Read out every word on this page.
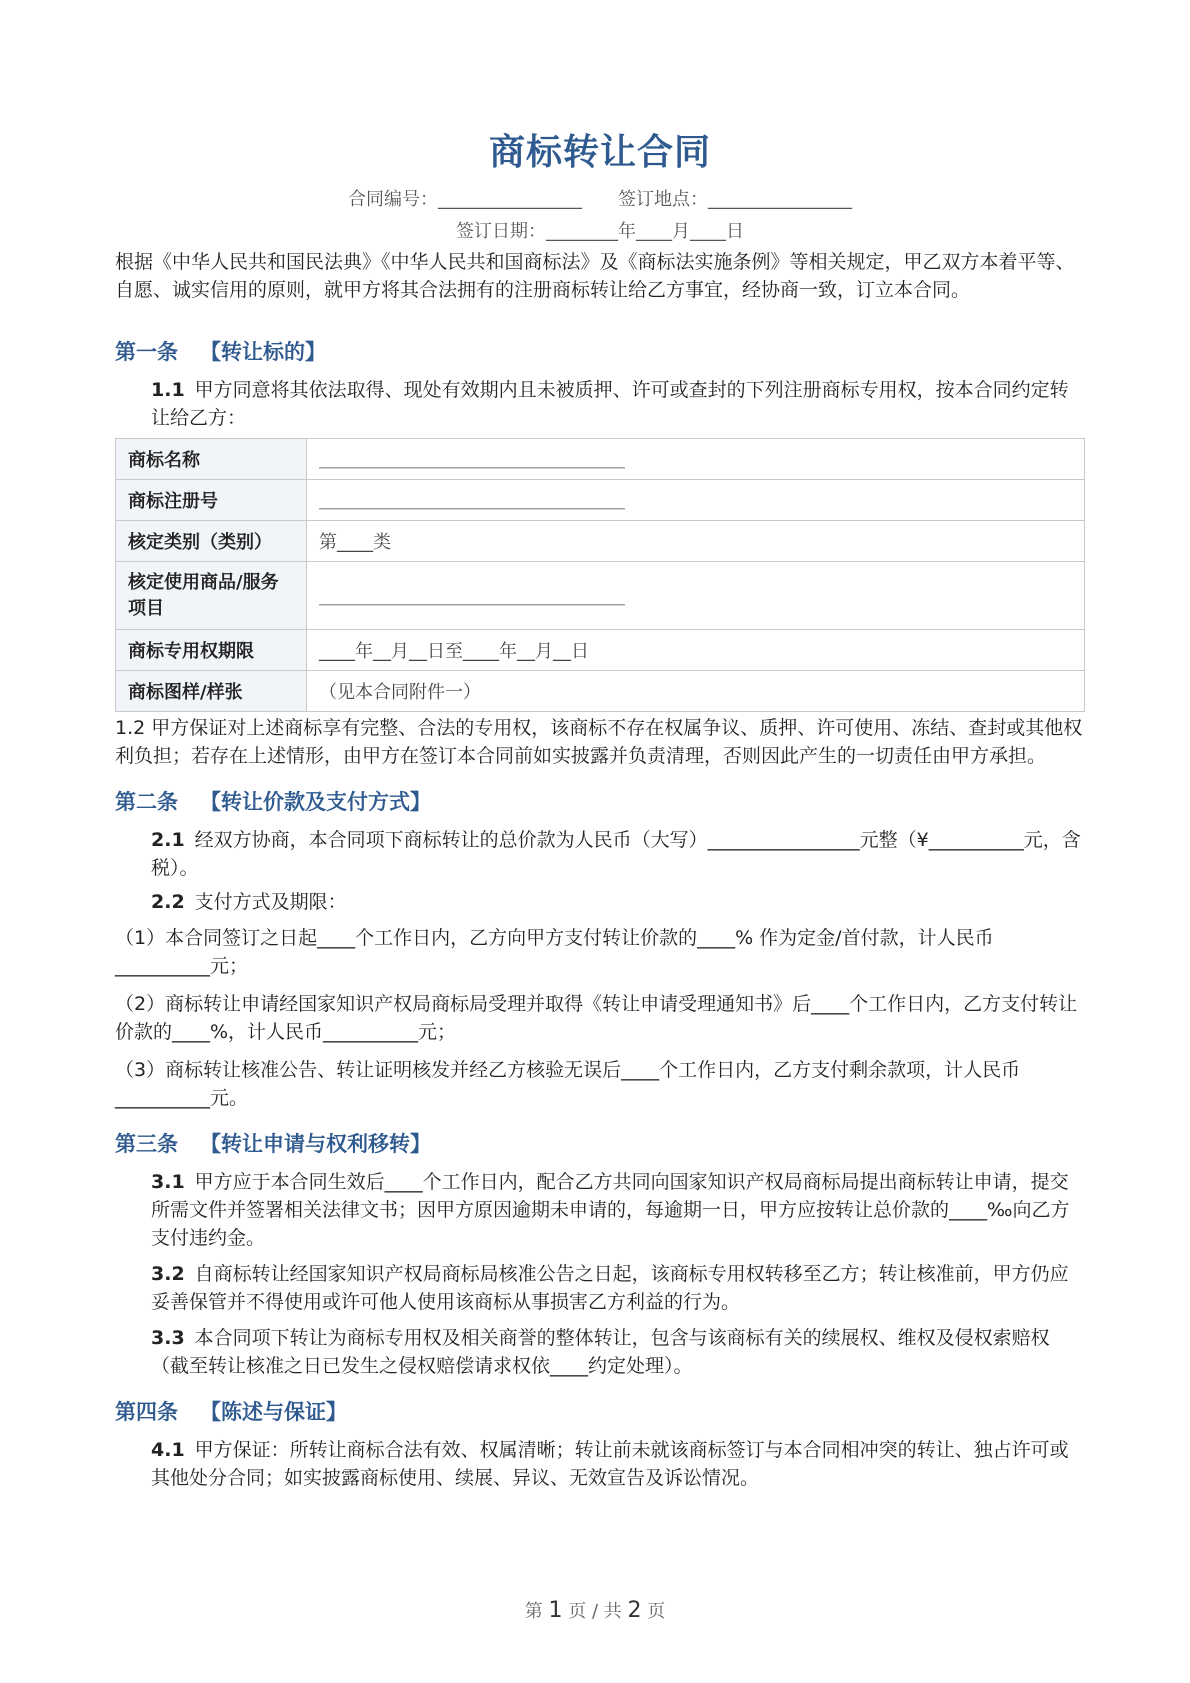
商标转让合同
合同编号：________________ 签订地点：________________
签订日期：________年____月____日

根据《中华人民共和国民法典》《中华人民共和国商标法》及《商标法实施条例》等相关规定，甲乙双方本着平等、自愿、诚实信用的原则，就甲方将其合法拥有的注册商标转让给乙方事宜，经协商一致，订立本合同。

第一条 【转让标的】

1.1 甲方同意将其依法取得、现处有效期内且未被质押、许可或查封的下列注册商标专用权，按本合同约定转让给乙方：

商标名称	＿＿＿＿＿＿＿＿＿＿＿＿＿＿＿＿＿
商标注册号	＿＿＿＿＿＿＿＿＿＿＿＿＿＿＿＿＿
核定类别（类别）	第____类
核定使用商品/服务项目	＿＿＿＿＿＿＿＿＿＿＿＿＿＿＿＿＿
商标专用权期限	____年__月__日至____年__月__日
商标图样/样张	（见本合同附件一）

1.2 甲方保证对上述商标享有完整、合法的专用权，该商标不存在权属争议、质押、许可使用、冻结、查封或其他权利负担；若存在上述情形，由甲方在签订本合同前如实披露并负责清理，否则因此产生的一切责任由甲方承担。

第二条 【转让价款及支付方式】

2.1 经双方协商，本合同项下商标转让的总价款为人民币（大写）________________元整（¥__________元，含税）。

2.2 支付方式及期限：

（1）本合同签订之日起____个工作日内，乙方向甲方支付转让价款的____% 作为定金/首付款，计人民币__________元；

（2）商标转让申请经国家知识产权局商标局受理并取得《转让申请受理通知书》后____个工作日内，乙方支付转让价款的____%，计人民币__________元；

（3）商标转让核准公告、转让证明核发并经乙方核验无误后____个工作日内，乙方支付剩余款项，计人民币__________元。

第三条 【转让申请与权利移转】

3.1 甲方应于本合同生效后____个工作日内，配合乙方共同向国家知识产权局商标局提出商标转让申请，提交所需文件并签署相关法律文书；因甲方原因逾期未申请的，每逾期一日，甲方应按转让总价款的____‰向乙方支付违约金。

3.2 自商标转让经国家知识产权局商标局核准公告之日起，该商标专用权转移至乙方；转让核准前，甲方仍应妥善保管并不得使用或许可他人使用该商标从事损害乙方利益的行为。

3.3 本合同项下转让为商标专用权及相关商誉的整体转让，包含与该商标有关的续展权、维权及侵权索赔权（截至转让核准之日已发生之侵权赔偿请求权依____约定处理）。

第四条 【陈述与保证】

4.1 甲方保证：所转让商标合法有效、权属清晰；转让前未就该商标签订与本合同相冲突的转让、独占许可或其他处分合同；如实披露商标使用、续展、异议、无效宣告及诉讼情况。

第 1 页 / 共 2 页
